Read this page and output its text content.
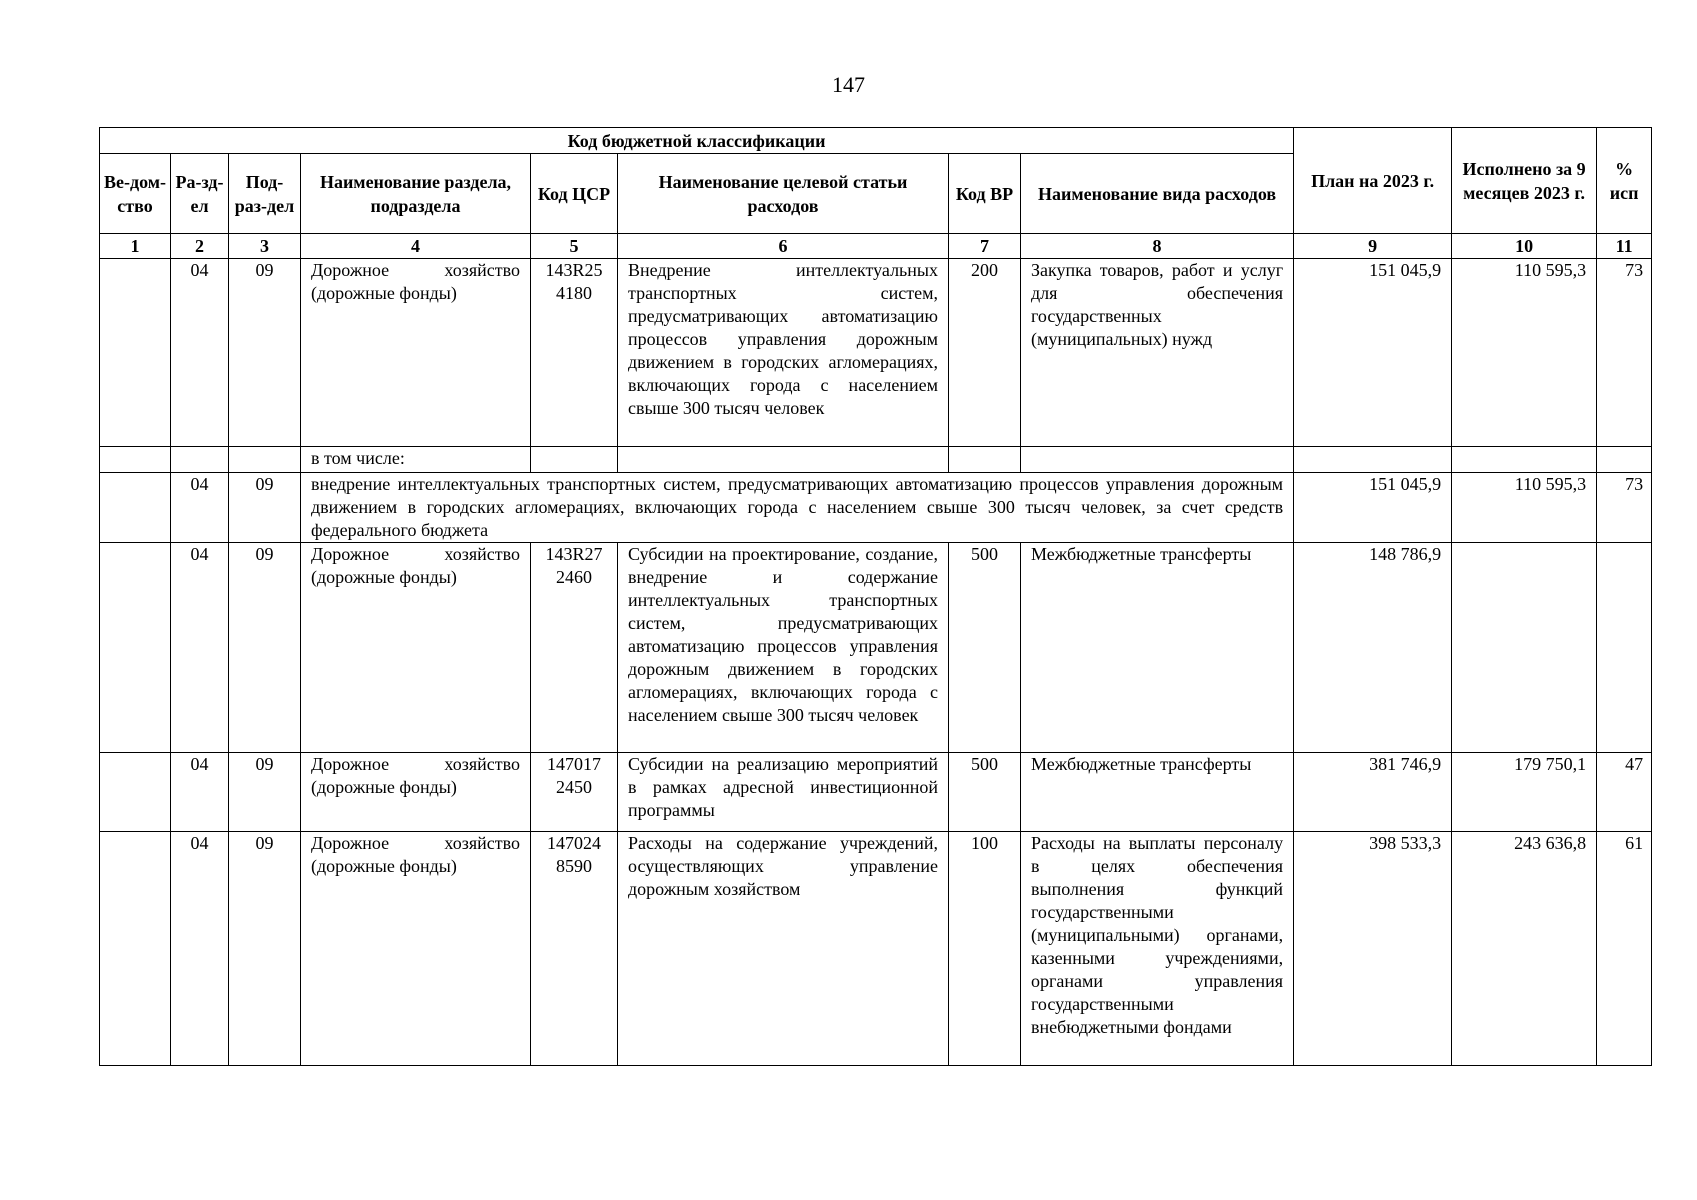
147
Код бюджетной классификации								План на 2023 г.	Исполнено за 9 месяцев 2023 г.	% исп
Ве-дом-ство	Ра-зд-ел	Под-раз-дел	Наименование раздела, подраздела	Код ЦСР	Наименование целевой статьи расходов	Код ВР	Наименование вида расходов			
1	2	3	4	5	6	7	8	9	10	11
	04	09	Дорожное хозяйство (дорожные фонды)	143R25 4180	Внедрение интеллектуальных транспортных систем, предусматривающих автоматизацию процессов управления дорожным движением в городских агломерациях, включающих города с населением свыше 300 тысяч человек	200	Закупка товаров, работ и услуг для обеспечения государственных (муниципальных) нужд	151 045,9	110 595,3	73
			в том числе:							
	04	09	внедрение интеллектуальных транспортных систем, предусматривающих автоматизацию процессов управления дорожным движением в городских агломерациях, включающих города с населением свыше 300 тысяч человек, за счет средств федерального бюджета					151 045,9	110 595,3	73
	04	09	Дорожное хозяйство (дорожные фонды)	143R27 2460	Субсидии на проектирование, создание, внедрение и содержание интеллектуальных транспортных систем, предусматривающих автоматизацию процессов управления дорожным движением в городских агломерациях, включающих города с населением свыше 300 тысяч человек	500	Межбюджетные трансферты	148 786,9		
	04	09	Дорожное хозяйство (дорожные фонды)	147017 2450	Субсидии на реализацию мероприятий в рамках адресной инвестиционной программы	500	Межбюджетные трансферты	381 746,9	179 750,1	47
	04	09	Дорожное хозяйство (дорожные фонды)	147024 8590	Расходы на содержание учреждений, осуществляющих управление дорожным хозяйством	100	Расходы на выплаты персоналу в целях обеспечения выполнения функций государственными (муниципальными) органами, казенными учреждениями, органами управления государственными внебюджетными фондами	398 533,3	243 636,8	61
